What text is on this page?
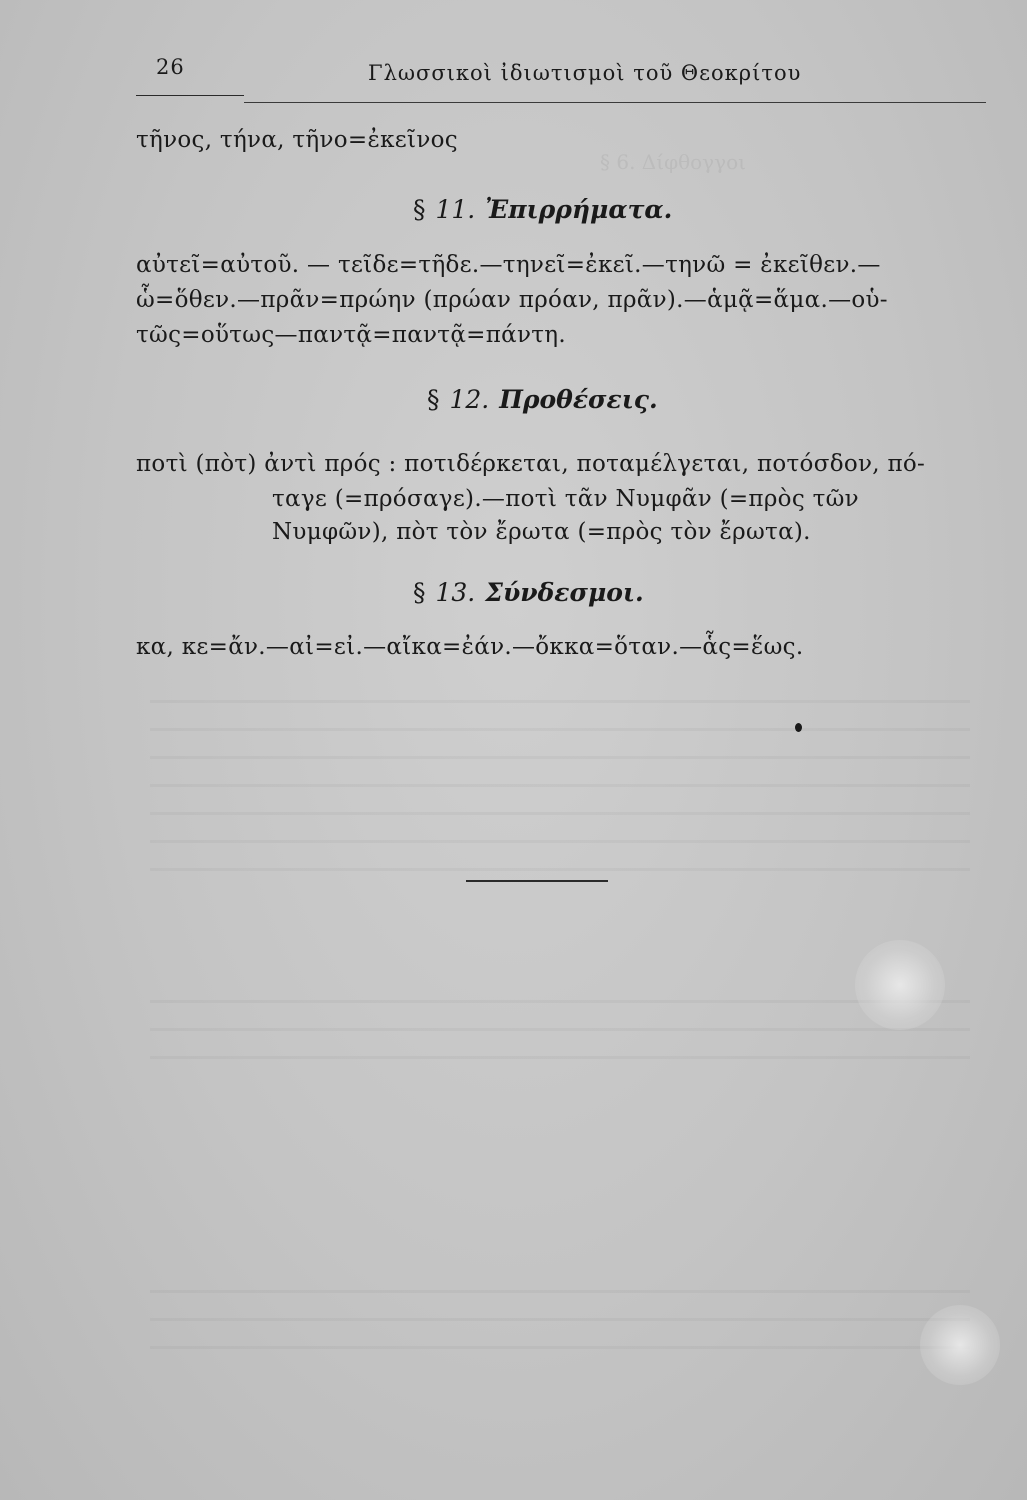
§ 6. Δίφθογγοι
26	Γλωσσικοὶ ἰδιωτισμοὶ τοῦ Θεοκρίτου
τῆνος, τήνα, τῆνο=ἐκεῖνος
§ 11. Ἐπιρρήματα.
αὐτεῖ=αὐτοῦ. — τεῖδε=τῆδε.—τηνεῖ=ἐκεῖ.—τηνῶ = ἐκεῖθεν.—
ὧ=ὅθεν.—πρᾶν=πρώην (πρώαν πρόαν, πρᾶν).—ἁμᾷ=ἅμα.—οὑ-
τῶς=οὕτως—παντᾷ=παντᾷ=πάντη.
§ 12. Προθέσεις.
ποτὶ (πὸτ) ἀντὶ πρός : ποτιδέρκεται, ποταμέλγεται, ποτόσδον, πό-
ταγε (=πρόσαγε).—ποτὶ τᾶν Νυμφᾶν (=πρὸς τῶν
Νυμφῶν), πὸτ τὸν ἔρωτα (=πρὸς τὸν ἔρωτα).
§ 13. Σύνδεσμοι.
κα, κε=ἄν.—αἰ=εἰ.—αἴκα=ἐάν.—ὄκκα=ὅταν.—ἇς=ἕως.
